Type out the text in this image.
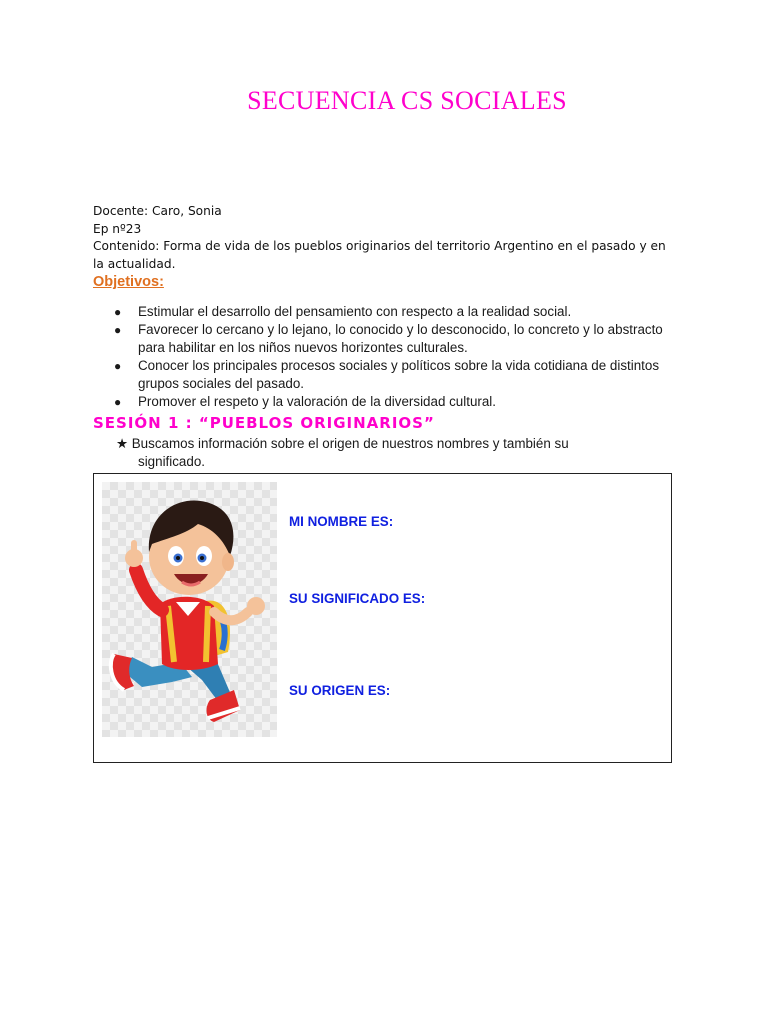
SECUENCIA CS SOCIALES
Docente: Caro, Sonia
Ep nº23
Contenido: Forma de vida de los pueblos originarios del territorio Argentino en el pasado y en la actualidad.
Objetivos:
● Estimular el desarrollo del pensamiento con respecto a la realidad social.
● Favorecer lo cercano y lo lejano, lo conocido y lo desconocido, lo concreto y lo abstracto para habilitar en los niños nuevos horizontes culturales.
● Conocer los principales procesos sociales y políticos sobre la vida cotidiana de distintos grupos sociales del pasado.
● Promover el respeto y la valoración de la diversidad cultural.
SESIÓN 1 : “PUEBLOS ORIGINARIOS”
★ Buscamos información sobre el origen de nuestros nombres y también su
significado.
MI NOMBRE ES:
SU SIGNIFICADO ES:
SU ORIGEN ES:
